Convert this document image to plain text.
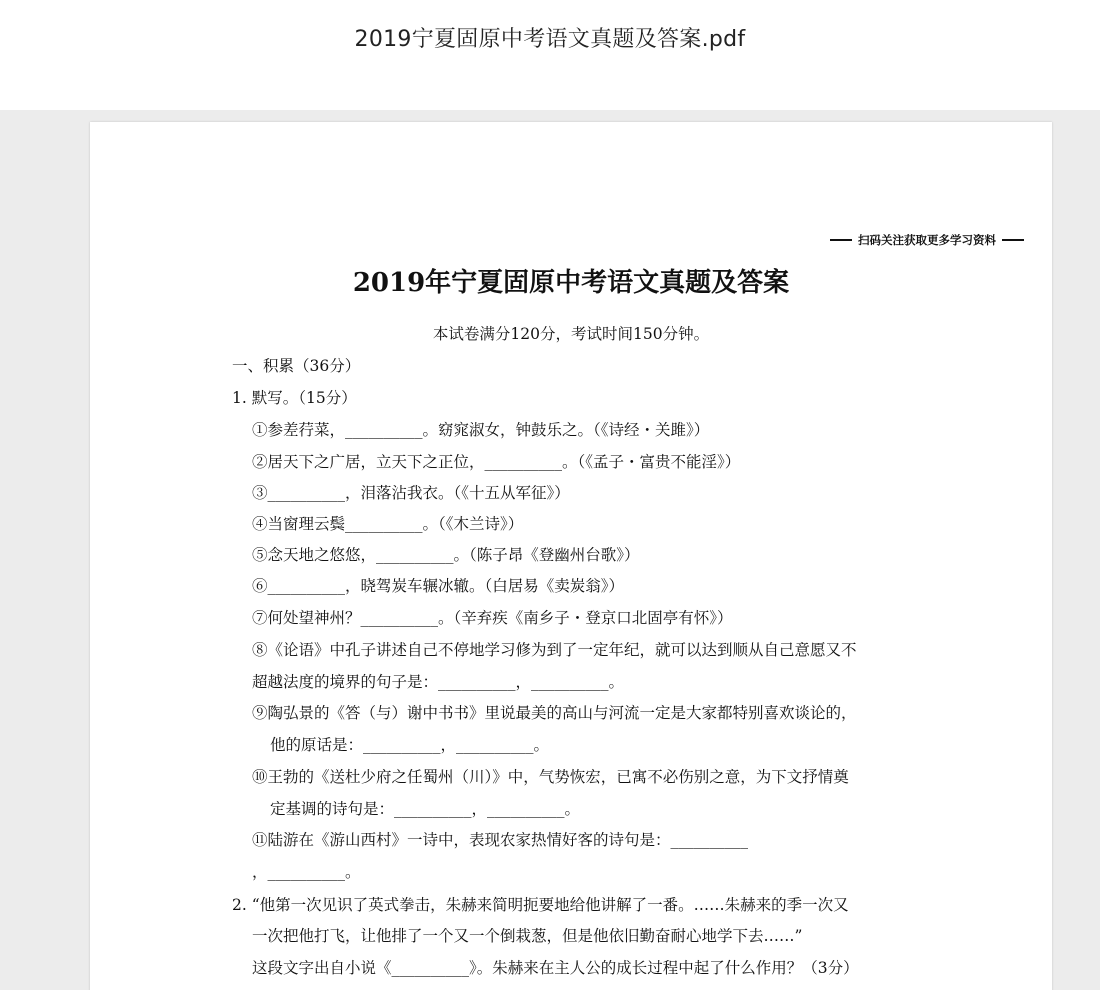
2019宁夏固原中考语文真题及答案.pdf
扫码关注获取更多学习资料
2019年宁夏固原中考语文真题及答案
本试卷满分120分，考试时间150分钟。
一、积累（36分）
1. 默写。（15分）
①参差荇菜，__________。窈窕淑女，钟鼓乐之。（《诗经・关雎》）
②居天下之广居，立天下之正位，__________。（《孟子・富贵不能淫》）
③__________，泪落沾我衣。（《十五从军征》）
④当窗理云鬓__________。（《木兰诗》）
⑤念天地之悠悠，__________。（陈子昂《登幽州台歌》）
⑥__________，晓驾炭车辗冰辙。（白居易《卖炭翁》）
⑦何处望神州？__________。（辛弃疾《南乡子・登京口北固亭有怀》）
⑧《论语》中孔子讲述自己不停地学习修为到了一定年纪，就可以达到顺从自己意愿又不
超越法度的境界的句子是：__________，__________。
⑨陶弘景的《答（与）谢中书书》里说最美的高山与河流一定是大家都特别喜欢谈论的，
他的原话是：__________，__________。
⑩王勃的《送杜少府之任蜀州（川）》中，气势恢宏，已寓不必伤别之意，为下文抒情奠
定基调的诗句是：__________，__________。
⑪陆游在《游山西村》一诗中，表现农家热情好客的诗句是：__________
，__________。
2. “他第一次见识了英式拳击，朱赫来简明扼要地给他讲解了一番。……朱赫来的季一次又
一次把他打飞，让他排了一个又一个倒栽葱，但是他依旧勤奋耐心地学下去……”
这段文字出自小说《__________》。朱赫来在主人公的成长过程中起了什么作用？（3分）
